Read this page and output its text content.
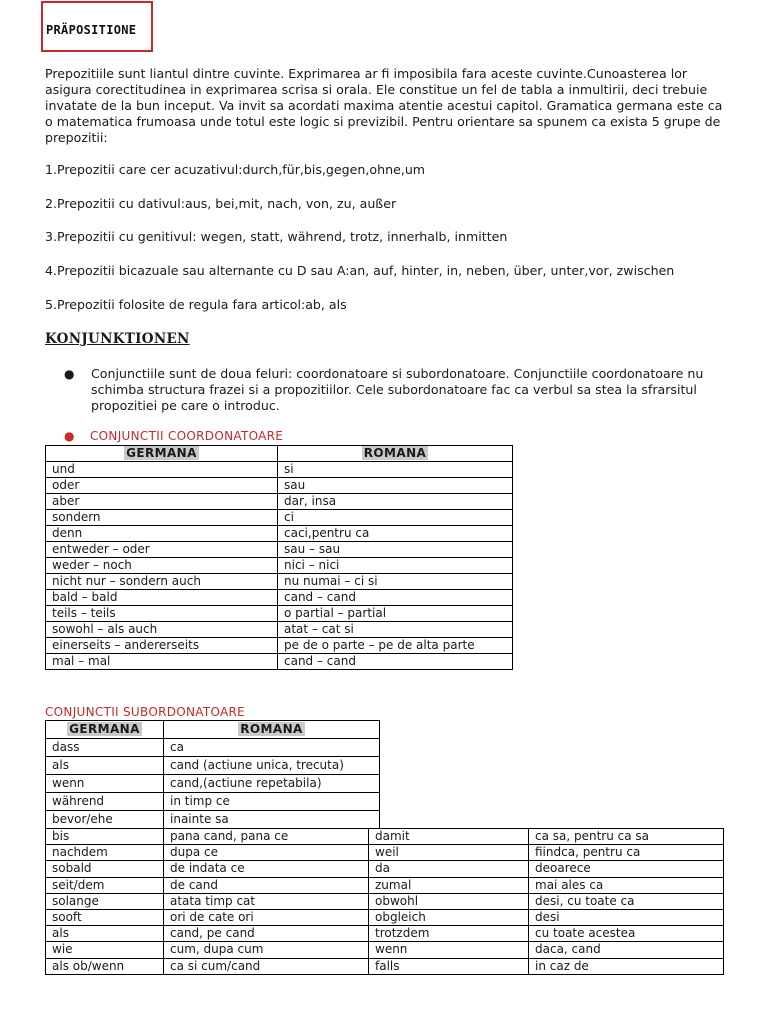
PRÄPOSITIONE

Prepozitiile sunt liantul dintre cuvinte. Exprimarea ar fi imposibila fara aceste cuvinte.Cunoasterea lor asigura corectitudinea in exprimarea scrisa si orala. Ele constitue un fel de tabla a inmultirii, deci trebuie invatate de la bun inceput. Va invit sa acordati maxima atentie acestui capitol. Gramatica germana este ca o matematica frumoasa unde totul este logic si previzibil. Pentru orientare sa spunem ca exista 5 grupe de prepozitii:

1.Prepozitii care cer acuzativul:durch,für,bis,gegen,ohne,um

2.Prepozitii cu dativul:aus, bei,mit, nach, von, zu, außer

3.Prepozitii cu genitivul: wegen, statt, während, trotz, innerhalb, inmitten

4.Prepozitii bicazuale sau alternante cu D sau A:an, auf, hinter, in, neben, über, unter,vor, zwischen

5.Prepozitii folosite de regula fara articol:ab, als

KONJUNKTIONEN
● Conjunctiile sunt de doua feluri: coordonatoare si subordonatoare. Conjunctiile coordonatoare nu schimba structura frazei si a propozitiilor. Cele subordonatoare fac ca verbul sa stea la sfrarsitul propozitiei pe care o introduc.

● CONJUNCTII COORDONATOARE

GERMANA	ROMANA
und	si
oder	sau
aber	dar, insa
sondern	ci
denn	caci,pentru ca
entweder – oder	sau – sau
weder – noch	nici – nici
nicht nur – sondern auch	nu numai – ci si
bald – bald	cand – cand
teils – teils	o partial – partial
sowohl – als auch	atat – cat si
einerseits – andererseits	pe de o parte – pe de alta parte
mal – mal	cand – cand

CONJUNCTII SUBORDONATOARE

GERMANA	ROMANA
dass	ca
als	cand (actiune unica, trecuta)
wenn	cand,(actiune repetabila)
während	in timp ce
bevor/ehe	inainte sa
bis	pana cand, pana ce	damit	ca sa, pentru ca sa
nachdem	dupa ce	weil	fiindca, pentru ca
sobald	de indata ce	da	deoarece
seit/dem	de cand	zumal	mai ales ca
solange	atata timp cat	obwohl	desi, cu toate ca
sooft	ori de cate ori	obgleich	desi
als	cand, pe cand	trotzdem	cu toate acestea
wie	cum, dupa cum	wenn	daca, cand
als ob/wenn	ca si cum/cand	falls	in caz de
